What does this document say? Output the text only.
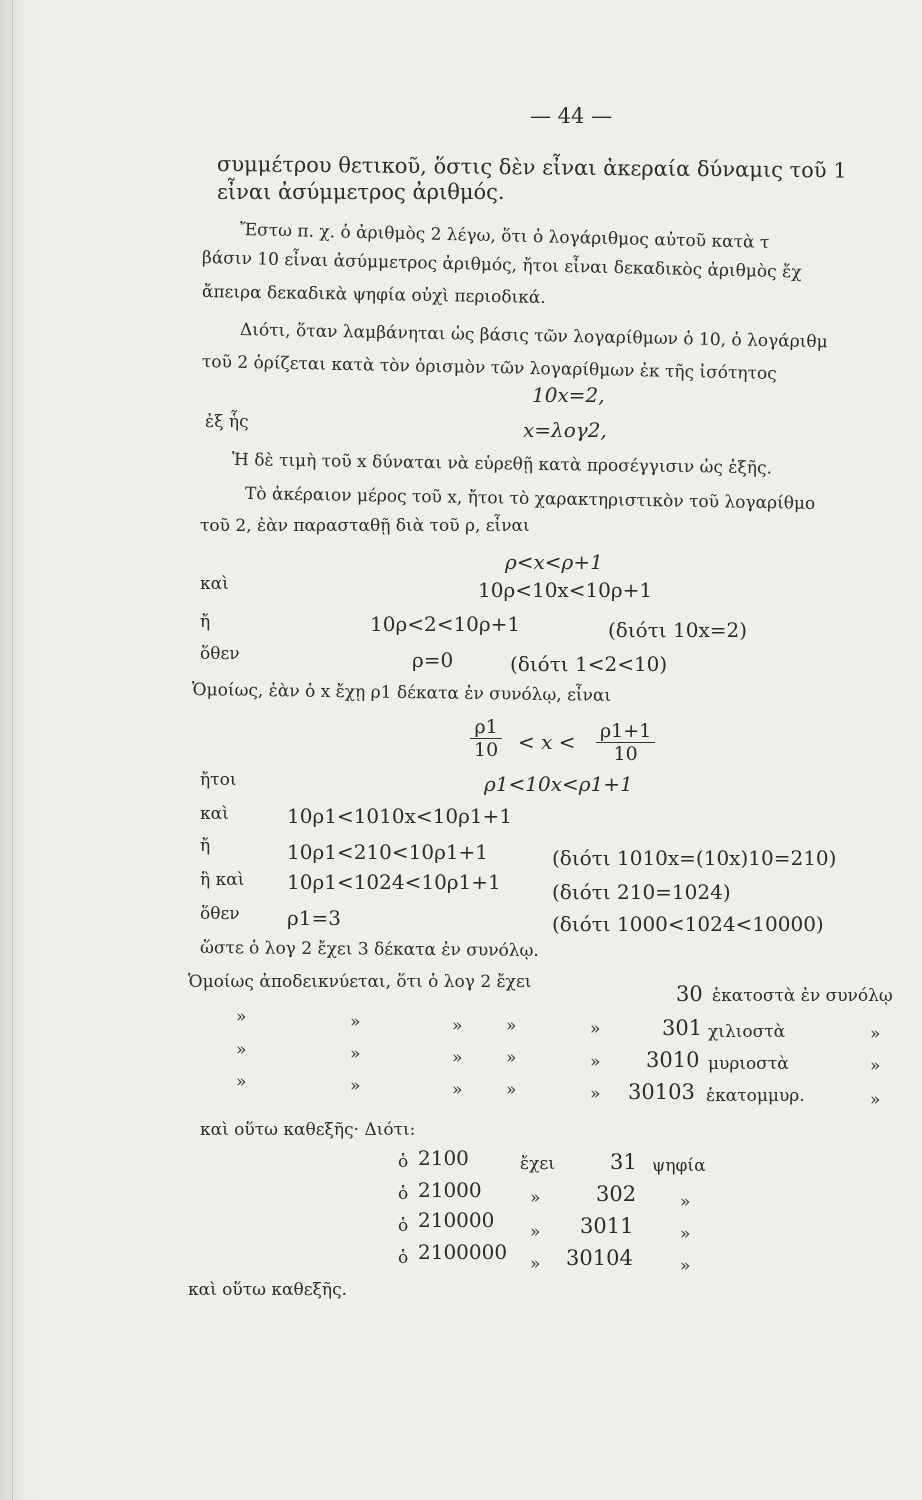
— 44 —
συμμέτρου θετικοῦ, ὅστις δὲν εἶναι ἀκεραία δύναμις τοῦ 1
εἶναι ἀσύμμετρος ἀριθμός.
Ἔστω π. χ. ὁ ἀριθμὸς 2 λέγω, ὅτι ὁ λογάριθμος αὐτοῦ κατὰ τ
βάσιν 10 εἶναι ἀσύμμετρος ἀριθμός, ἤτοι εἶναι δεκαδικὸς ἀριθμὸς ἔχ
ἄπειρα δεκαδικὰ ψηφία οὐχὶ περιοδικά.
Διότι, ὅταν λαμβάνηται ὡς βάσις τῶν λογαρίθμων ὁ 10, ὁ λογάριθμ
τοῦ 2 ὁρίζεται κατὰ τὸν ὁρισμὸν τῶν λογαρίθμων ἐκ τῆς ἰσότητος
10x=2,
ἐξ ἧς	x=λογ2,
Ἡ δὲ τιμὴ τοῦ x δύναται νὰ εὑρεθῇ κατὰ προσέγγισιν ὡς ἑξῆς.
Τὸ ἀκέραιον μέρος τοῦ x, ἤτοι τὸ χαρακτηριστικὸν τοῦ λογαρίθμο
τοῦ 2, ἐὰν παρασταθῇ διὰ τοῦ ρ, εἶναι
ρ<x<ρ+1
καὶ	10ρ<10x<10ρ+1
ἤ	10ρ<2<10ρ+1	(διότι 10x=2)
ὅθεν	ρ=0	(διότι 1<2<10)
Ὁμοίως, ἐὰν ὁ x ἔχῃ ρ1 δέκατα ἐν συνόλῳ, εἶναι
$\frac{\rho 1}{10} < x < \frac{\rho 1+1}{10}$
ἤτοι	ρ1<10x<ρ1+1
καὶ	10ρ1<1010x<10ρ1+1
ἤ	10ρ1<210<10ρ1+1	(διότι 1010x=(10x)10=210)
ἢ καὶ 10ρ1<1024<10ρ1+1	(διότι 210=1024)
ὅθεν ρ1=3	(διότι 1000<1024<10000)
ὥστε ὁ λογ 2 ἔχει 3 δέκατα ἐν συνόλῳ.
Ὁμοίως ἀποδεικνύεται, ὅτι ὁ λογ 2 ἔχει	30 ἑκατοστὰ ἐν συνόλῳ
»	»	»	»	»	301 χιλιοστὰ	»
»	»	»	»	» 3010 μυριοστὰ	»
»	»	»	»	» 30103 ἑκατομμυρ.	»
καὶ οὕτω καθεξῆς· Διότι:
ὁ 2100	ἔχει	31 ψηφία
ὁ 21000	»	302	»
ὁ 210000 » 3011	»
ὁ 2100000 » 30104	»
καὶ οὕτω καθεξῆς.
